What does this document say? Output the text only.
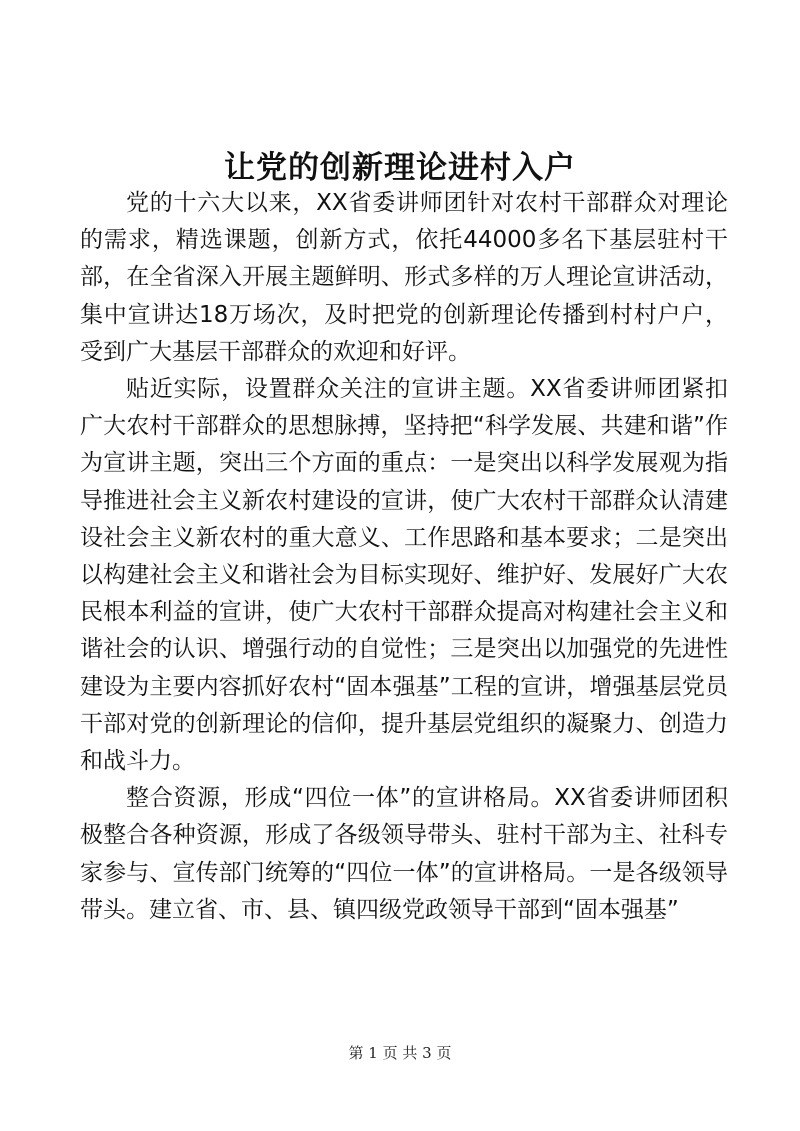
让党的创新理论进村入户

党的十六大以来，XX省委讲师团针对农村干部群众对理论的需求，精选课题，创新方式，依托44000多名下基层驻村干部，在全省深入开展主题鲜明、形式多样的万人理论宣讲活动，集中宣讲达18万场次，及时把党的创新理论传播到村村户户，受到广大基层干部群众的欢迎和好评。

贴近实际，设置群众关注的宣讲主题。XX省委讲师团紧扣广大农村干部群众的思想脉搏，坚持把“科学发展、共建和谐”作为宣讲主题，突出三个方面的重点：一是突出以科学发展观为指导推进社会主义新农村建设的宣讲，使广大农村干部群众认清建设社会主义新农村的重大意义、工作思路和基本要求；二是突出以构建社会主义和谐社会为目标实现好、维护好、发展好广大农民根本利益的宣讲，使广大农村干部群众提高对构建社会主义和谐社会的认识、增强行动的自觉性；三是突出以加强党的先进性建设为主要内容抓好农村“固本强基”工程的宣讲，增强基层党员干部对党的创新理论的信仰，提升基层党组织的凝聚力、创造力和战斗力。

整合资源，形成“四位一体”的宣讲格局。XX省委讲师团积极整合各种资源，形成了各级领导带头、驻村干部为主、社科专家参与、宣传部门统筹的“四位一体”的宣讲格局。一是各级领导带头。建立省、市、县、镇四级党政领导干部到“固本强基”

第 1 页 共 3 页
